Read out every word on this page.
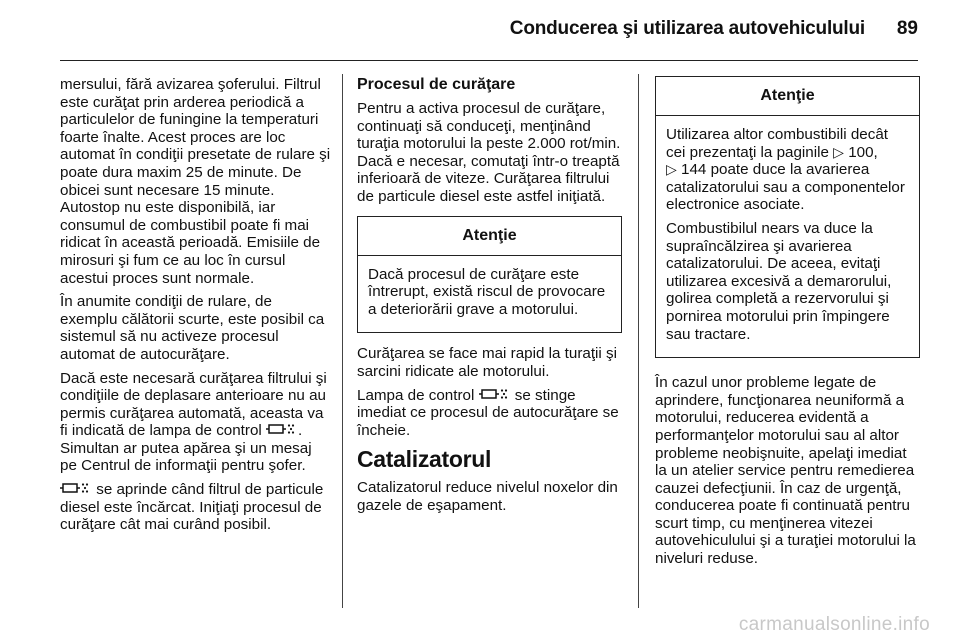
Conducerea şi utilizarea autovehiculului 89

mersului, fără avizarea şoferului. Filtrul este curăţat prin arderea periodică a particulelor de funingine la temperaturi foarte înalte. Acest proces are loc automat în condiţii presetate de rulare şi poate dura maxim 25 de minute. De obicei sunt necesare 15 minute. Autostop nu este disponibilă, iar consumul de combustibil poate fi mai ridicat în această perioadă. Emisiile de mirosuri şi fum ce au loc în cursul acestui proces sunt normale.

În anumite condiţii de rulare, de exemplu călătorii scurte, este posibil ca sistemul să nu activeze procesul automat de autocurăţare.

Dacă este necesară curăţarea filtrului şi condiţiile de deplasare anterioare nu au permis curăţarea automată, aceasta va fi indicată de lampa de control . Simultan ar putea apărea şi un mesaj pe Centrul de informaţii pentru şofer.

se aprinde când filtrul de particule diesel este încărcat. Iniţiaţi procesul de curăţare cât mai curând posibil.

Procesul de curăţare

Pentru a activa procesul de curăţare, continuaţi să conduceţi, menţinând turaţia motorului la peste 2.000 rot/min. Dacă e necesar, comutaţi într-o treaptă inferioară de viteze. Curăţarea filtrului de particule diesel este astfel iniţiată.

Atenţie

Dacă procesul de curăţare este întrerupt, există riscul de provocare a deteriorării grave a motorului.

Curăţarea se face mai rapid la turaţii şi sarcini ridicate ale motorului.

Lampa de control  se stinge imediat ce procesul de autocurăţare se încheie.

Catalizatorul

Catalizatorul reduce nivelul noxelor din gazele de eşapament.

Atenţie

Utilizarea altor combustibili decât cei prezentaţi la paginile ▷ 100,
▷ 144 poate duce la avarierea catalizatorului sau a componentelor electronice asociate.

Combustibilul nears va duce la supraîncălzirea şi avarierea catalizatorului. De aceea, evitaţi utilizarea excesivă a demarorului, golirea completă a rezervorului şi pornirea motorului prin împingere sau tractare.

În cazul unor probleme legate de aprindere, funcţionarea neuniformă a motorului, reducerea evidentă a performanţelor motorului sau al altor probleme neobişnuite, apelaţi imediat la un atelier service pentru remedierea cauzei defecţiunii. În caz de urgenţă, conducerea poate fi continuată pentru scurt timp, cu menţinerea vitezei autovehiculului şi a turaţiei motorului la niveluri reduse.

carmanualsonline.info
